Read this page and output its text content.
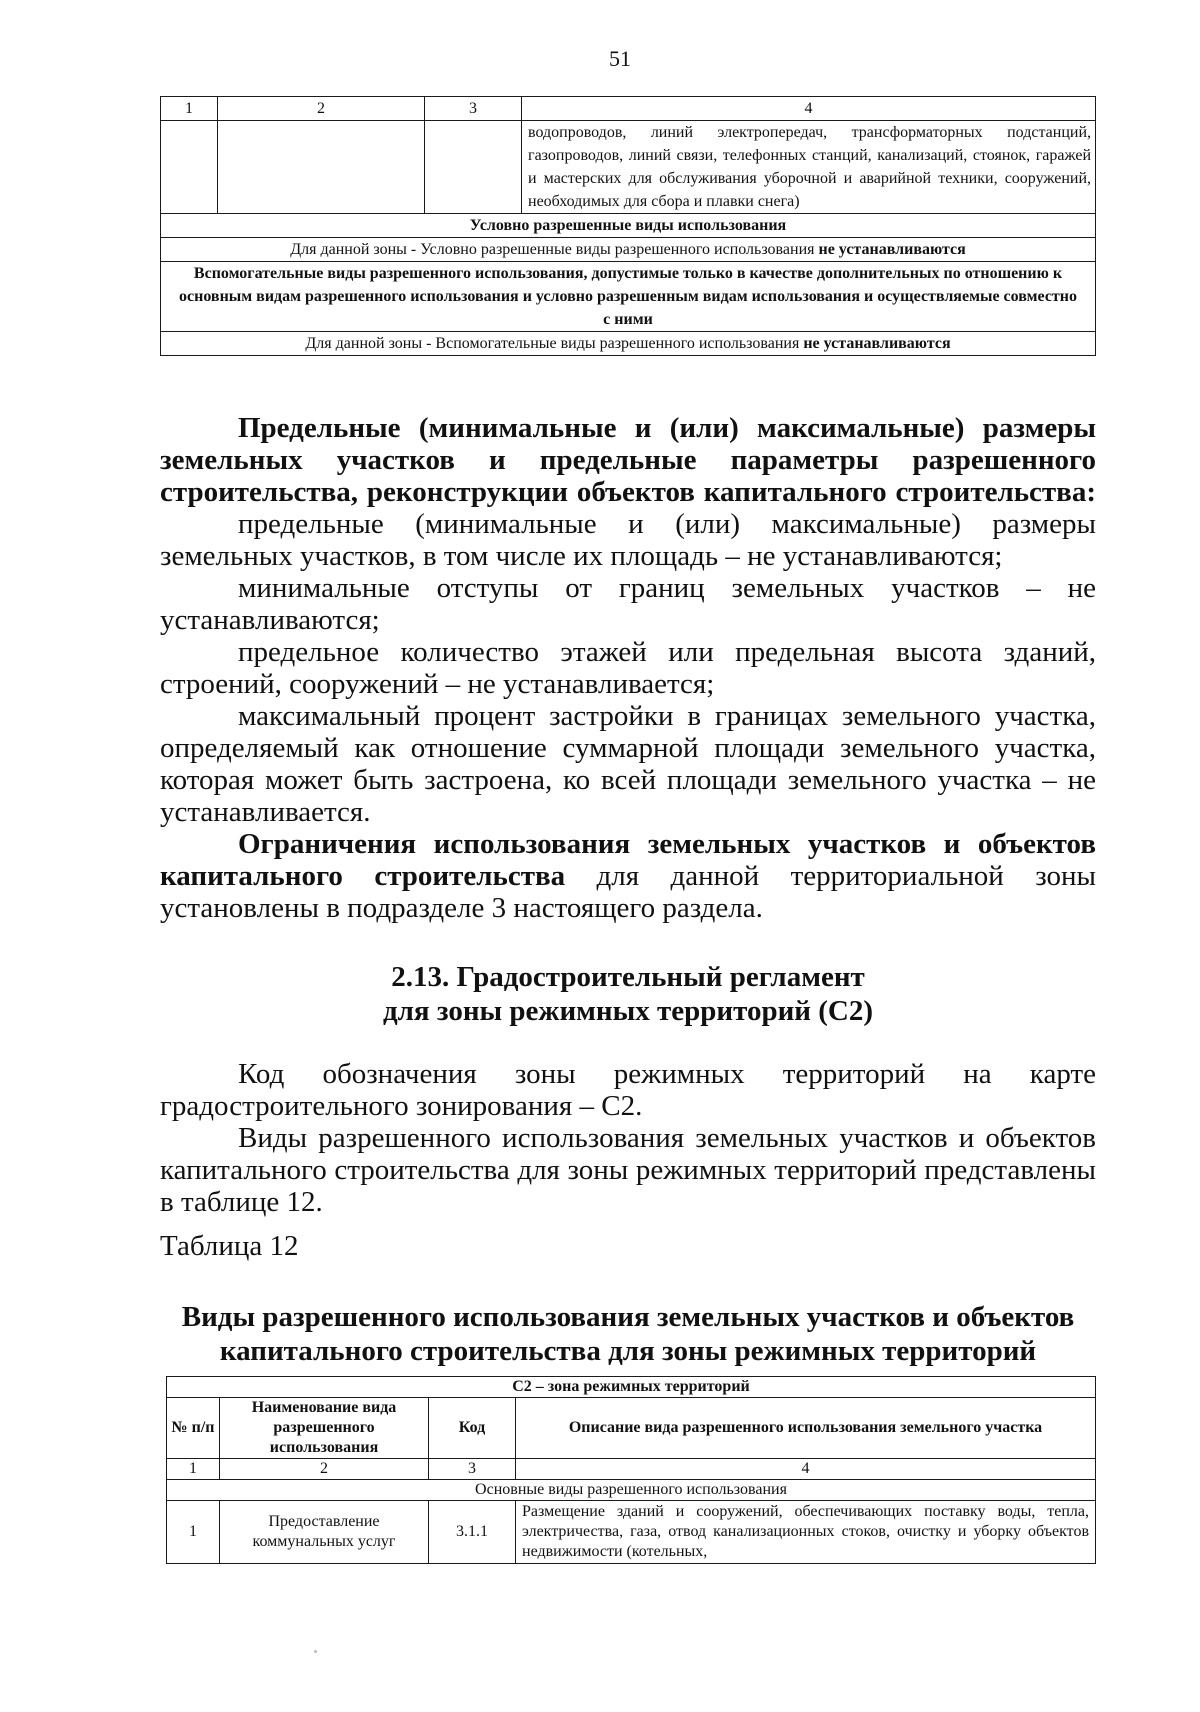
51
1	2	3	4
			водопроводов, линий электропередач, трансформаторных подстанций, газопроводов, линий связи, телефонных станций, канализаций, стоянок, гаражей и мастерских для обслуживания уборочной и аварийной техники, сооружений, необходимых для сбора и плавки снега)
Условно разрешенные виды использования			
Для данной зоны - Условно разрешенные виды разрешенного использования не устанавливаются			
Вспомогательные виды разрешенного использования, допустимые только в качестве дополнительных по отношению к основным видам разрешенного использования и условно разрешенным видам использования и осуществляемые совместно с ними			
Для данной зоны - Вспомогательные виды разрешенного использования не устанавливаются			

Предельные (минимальные и (или) максимальные) размеры земельных участков и предельные параметры разрешенного строительства, реконструкции объектов капитального строительства:

предельные (минимальные и (или) максимальные) размеры земельных участков, в том числе их площадь – не устанавливаются;

минимальные отступы от границ земельных участков – не устанавливаются;

предельное количество этажей или предельная высота зданий, строений, сооружений – не устанавливается;

максимальный процент застройки в границах земельного участка, определяемый как отношение суммарной площади земельного участка, которая может быть застроена, ко всей площади земельного участка – не устанавливается.

Ограничения использования земельных участков и объектов капитального строительства для данной территориальной зоны установлены в подразделе 3 настоящего раздела.

2.13. Градостроительный регламент
для зоны режимных территорий (С2)

Код обозначения зоны режимных территорий на карте градостроительного зонирования – С2.

Виды разрешенного использования земельных участков и объектов капитального строительства для зоны режимных территорий представлены в таблице 12.

Таблица 12

Виды разрешенного использования земельных участков и объектов
капитального строительства для зоны режимных территорий
С2 – зона режимных территорий			
№ п/п	Наименование вида разрешенного использования	Код	Описание вида разрешенного использования земельного участка
1	2	3	4
Основные виды разрешенного использования			
1	Предоставление коммунальных услуг	3.1.1	Размещение зданий и сооружений, обеспечивающих поставку воды, тепла, электричества, газа, отвод канализационных стоков, очистку и уборку объектов недвижимости (котельных,
